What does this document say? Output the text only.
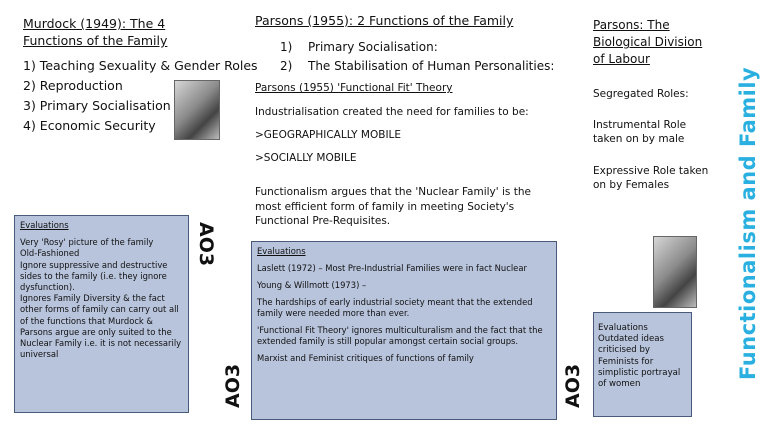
Murdock (1949): The 4 Functions of the Family
1) Teaching Sexuality & Gender Roles
2) Reproduction
3) Primary Socialisation
4) Economic Security
Parsons (1955): 2 Functions of the Family
1) Primary Socialisation:
2) The Stabilisation of Human Personalities:
Parsons (1955) 'Functional Fit' Theory
Industrialisation created the need for families to be:
>GEOGRAPHICALLY MOBILE
>SOCIALLY MOBILE
Functionalism argues that the 'Nuclear Family' is the most efficient form of family in meeting Society's Functional Pre-Requisites.
Parsons: The Biological Division of Labour
Segregated Roles:
Instrumental Role taken on by male
Expressive Role taken on by Females	Functionalism and Family

Evaluations

Very 'Rosy' picture of the family

Old-Fashioned

Ignore suppressive and destructive sides to the family (i.e. they ignore dysfunction).

Ignores Family Diversity & the fact other forms of family can carry out all of the functions that Murdock & Parsons argue are only suited to the Nuclear Family i.e. it is not necessarily universal

AO3	Evaluations

Laslett (1972) – Most Pre-Industrial Families were in fact Nuclear

Young & Willmott (1973) –

The hardships of early industrial society meant that the extended family were needed more than ever.

'Functional Fit Theory' ignores multiculturalism and the fact that the extended family is still popular amongst certain social groups.

Marxist and Feminist critiques of functions of family

AO3

Evaluations

Outdated ideas criticised by Feminists for simplistic portrayal of women

AO3
